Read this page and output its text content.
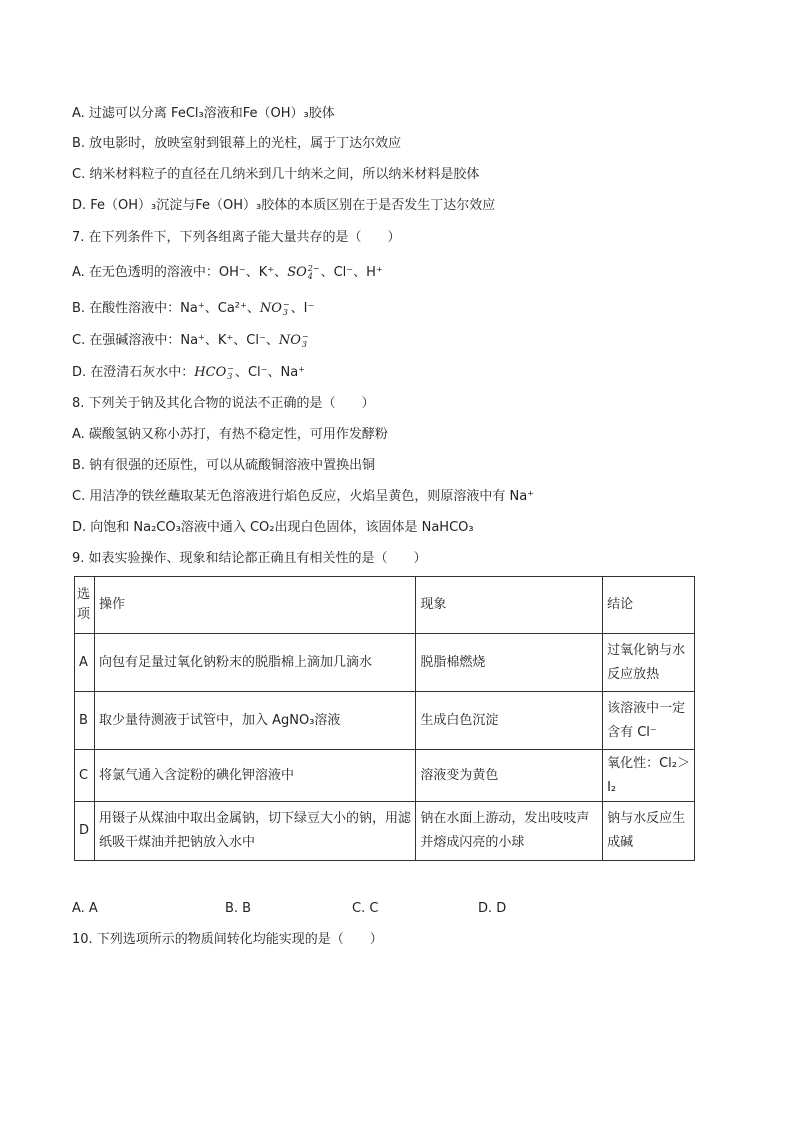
A. 过滤可以分离 FeCl₃溶液和Fe（OH）₃胶体
B. 放电影时，放映室射到银幕上的光柱，属于丁达尔效应
C. 纳米材料粒子的直径在几纳米到几十纳米之间，所以纳米材料是胶体
D. Fe（OH）₃沉淀与Fe（OH）₃胶体的本质区别在于是否发生丁达尔效应
7. 在下列条件下，下列各组离子能大量共存的是（　　）
A. 在无色透明的溶液中：OH⁻、K⁺、SO 2−
4 、Cl⁻、H⁺
B. 在酸性溶液中：Na⁺、Ca²⁺、NO −
3 、I⁻
C. 在强碱溶液中：Na⁺、K⁺、Cl⁻、NO −
3
D. 在澄清石灰水中：HCO −
3 、Cl⁻、Na⁺
8. 下列关于钠及其化合物的说法不正确的是（　　）
A. 碳酸氢钠又称小苏打，有热不稳定性，可用作发酵粉
B. 钠有很强的还原性，可以从硫酸铜溶液中置换出铜
C. 用洁净的铁丝蘸取某无色溶液进行焰色反应，火焰呈黄色，则原溶液中有 Na⁺
D. 向饱和 Na₂CO₃溶液中通入 CO₂出现白色固体，该固体是 NaHCO₃
9. 如表实验操作、现象和结论都正确且有相关性的是（　　）
选项	操作	现象	结论
A	向包有足量过氧化钠粉末的脱脂棉上滴加几滴水	脱脂棉燃烧	过氧化钠与水反应放热
B	取少量待测液于试管中，加入 AgNO₃溶液	生成白色沉淀	该溶液中一定含有 Cl⁻
C	将氯气通入含淀粉的碘化钾溶液中	溶液变为黄色	氧化性：Cl₂＞I₂
D	用镊子从煤油中取出金属钠，切下绿豆大小的钠，用滤纸吸干煤油并把钠放入水中	钠在水面上游动，发出吱吱声并熔成闪亮的小球	钠与水反应生成碱
A. A	B. B	C. C	D. D
10. 下列选项所示的物质间转化均能实现的是（　　）
